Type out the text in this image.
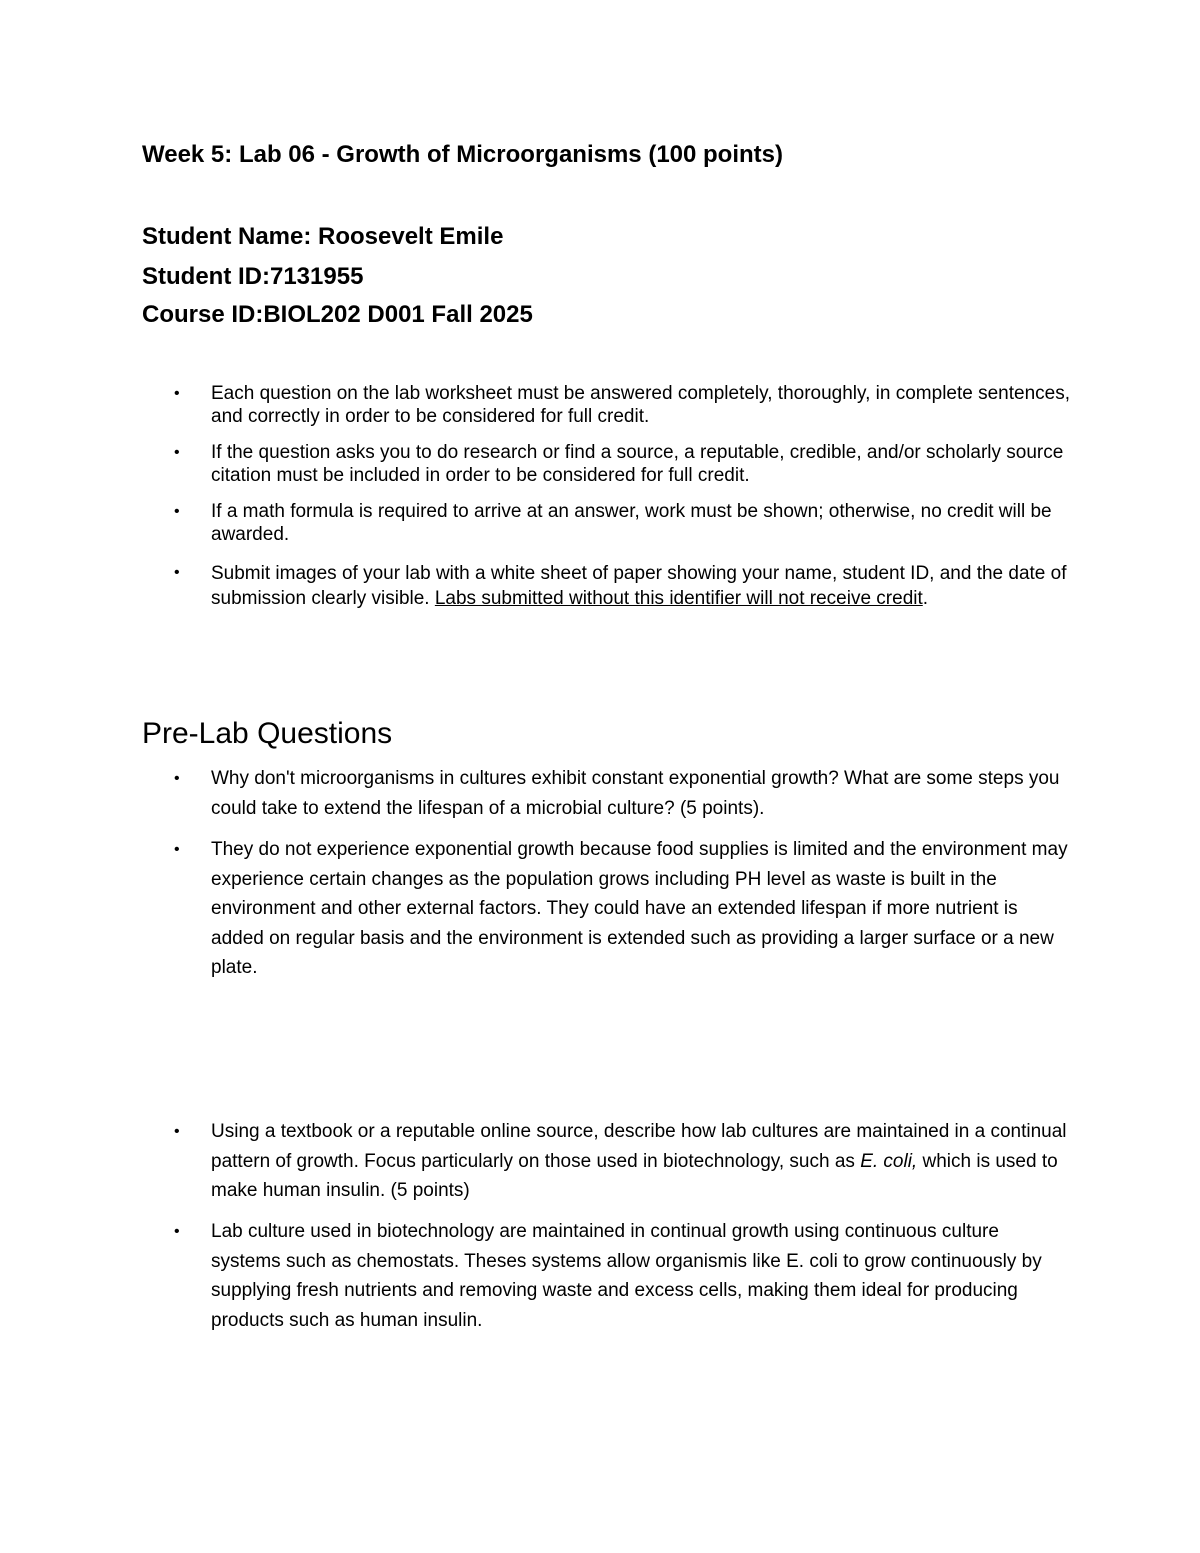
Week 5: Lab 06 - Growth of Microorganisms (100 points)
Student Name: Roosevelt Emile
Student ID:7131955
Course ID:BIOL202 D001 Fall 2025
• Each question on the lab worksheet must be answered completely, thoroughly, in complete sentences, and correctly in order to be considered for full credit.
• If the question asks you to do research or find a source, a reputable, credible, and/or scholarly source citation must be included in order to be considered for full credit.
• If a math formula is required to arrive at an answer, work must be shown; otherwise, no credit will be awarded.
• Submit images of your lab with a white sheet of paper showing your name, student ID, and the date of submission clearly visible. Labs submitted without this identifier will not receive credit.
Pre-Lab Questions
• Why don't microorganisms in cultures exhibit constant exponential growth? What are some steps you could take to extend the lifespan of a microbial culture? (5 points).
• They do not experience exponential growth because food supplies is limited and the environment may experience certain changes as the population grows including PH level as waste is built in the environment and other external factors. They could have an extended lifespan if more nutrient is added on regular basis and the environment is extended such as providing a larger surface or a new plate.
• Using a textbook or a reputable online source, describe how lab cultures are maintained in a continual pattern of growth. Focus particularly on those used in biotechnology, such as E. coli, which is used to make human insulin. (5 points)
• Lab culture used in biotechnology are maintained in continual growth using continuous culture systems such as chemostats. Theses systems allow organismis like E. coli to grow continuously by supplying fresh nutrients and removing waste and excess cells, making them ideal for producing products such as human insulin.
